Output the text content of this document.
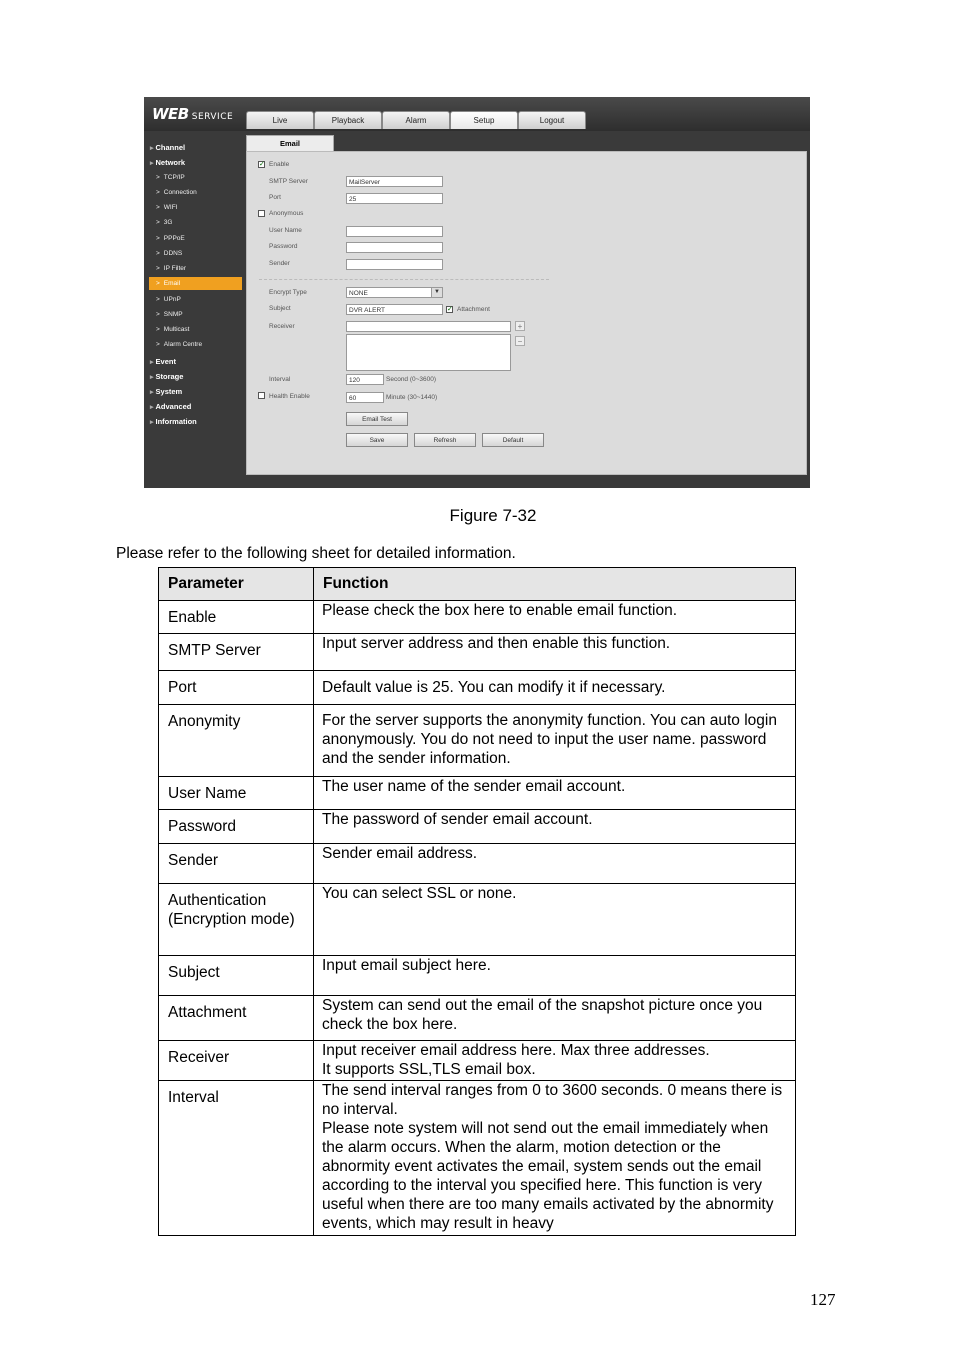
WEB SERVICE	Live	Playback	Alarm	Setup	Logout
▸ Channel
▸ Network
> TCP/IP
> Connection
> WIFI
> 3G
> PPPoE
> DDNS
> IP Filter
> Email
> UPnP
> SNMP
> Multicast
> Alarm Centre
▸ Event
▸ Storage
▸ System
▸ Advanced
▸ Information
Email
✓ Enable
SMTP Server	MailServer
Port	25
Anonymous
User Name
Password
Sender
Encrypt Type	NONE	▼
Subject	DVR ALERT	✓ Attachment
Receiver	+
−
Interval	120	Second (0~3600)
Health Enable	60	Minute (30~1440)
Email Test
Save	Refresh	Default
Figure 7-32
Please refer to the following sheet for detailed information.
Parameter	Function
Enable	Please check the box here to enable email function.
SMTP Server	Input server address and then enable this function.
Port	Default value is 25. You can modify it if necessary.
Anonymity	For the server supports the anonymity function. You can auto login anonymously. You do not need to input the user name. password and the sender information.
User Name	The user name of the sender email account.
Password	The password of sender email account.
Sender	Sender email address.
Authentication (Encryption mode)	You can select SSL or none.
Subject	Input email subject here.
Attachment	System can send out the email of the snapshot picture once you check the box here.
Receiver	Input receiver email address here. Max three addresses.
It supports SSL,TLS email box.
Interval	The send interval ranges from 0 to 3600 seconds. 0 means there is no interval.
Please note system will not send out the email immediately when the alarm occurs. When the alarm, motion detection or the abnormity event activates the email, system sends out the email according to the interval you specified here. This function is very useful when there are too many emails activated by the abnormity events, which may result in heavy
127
